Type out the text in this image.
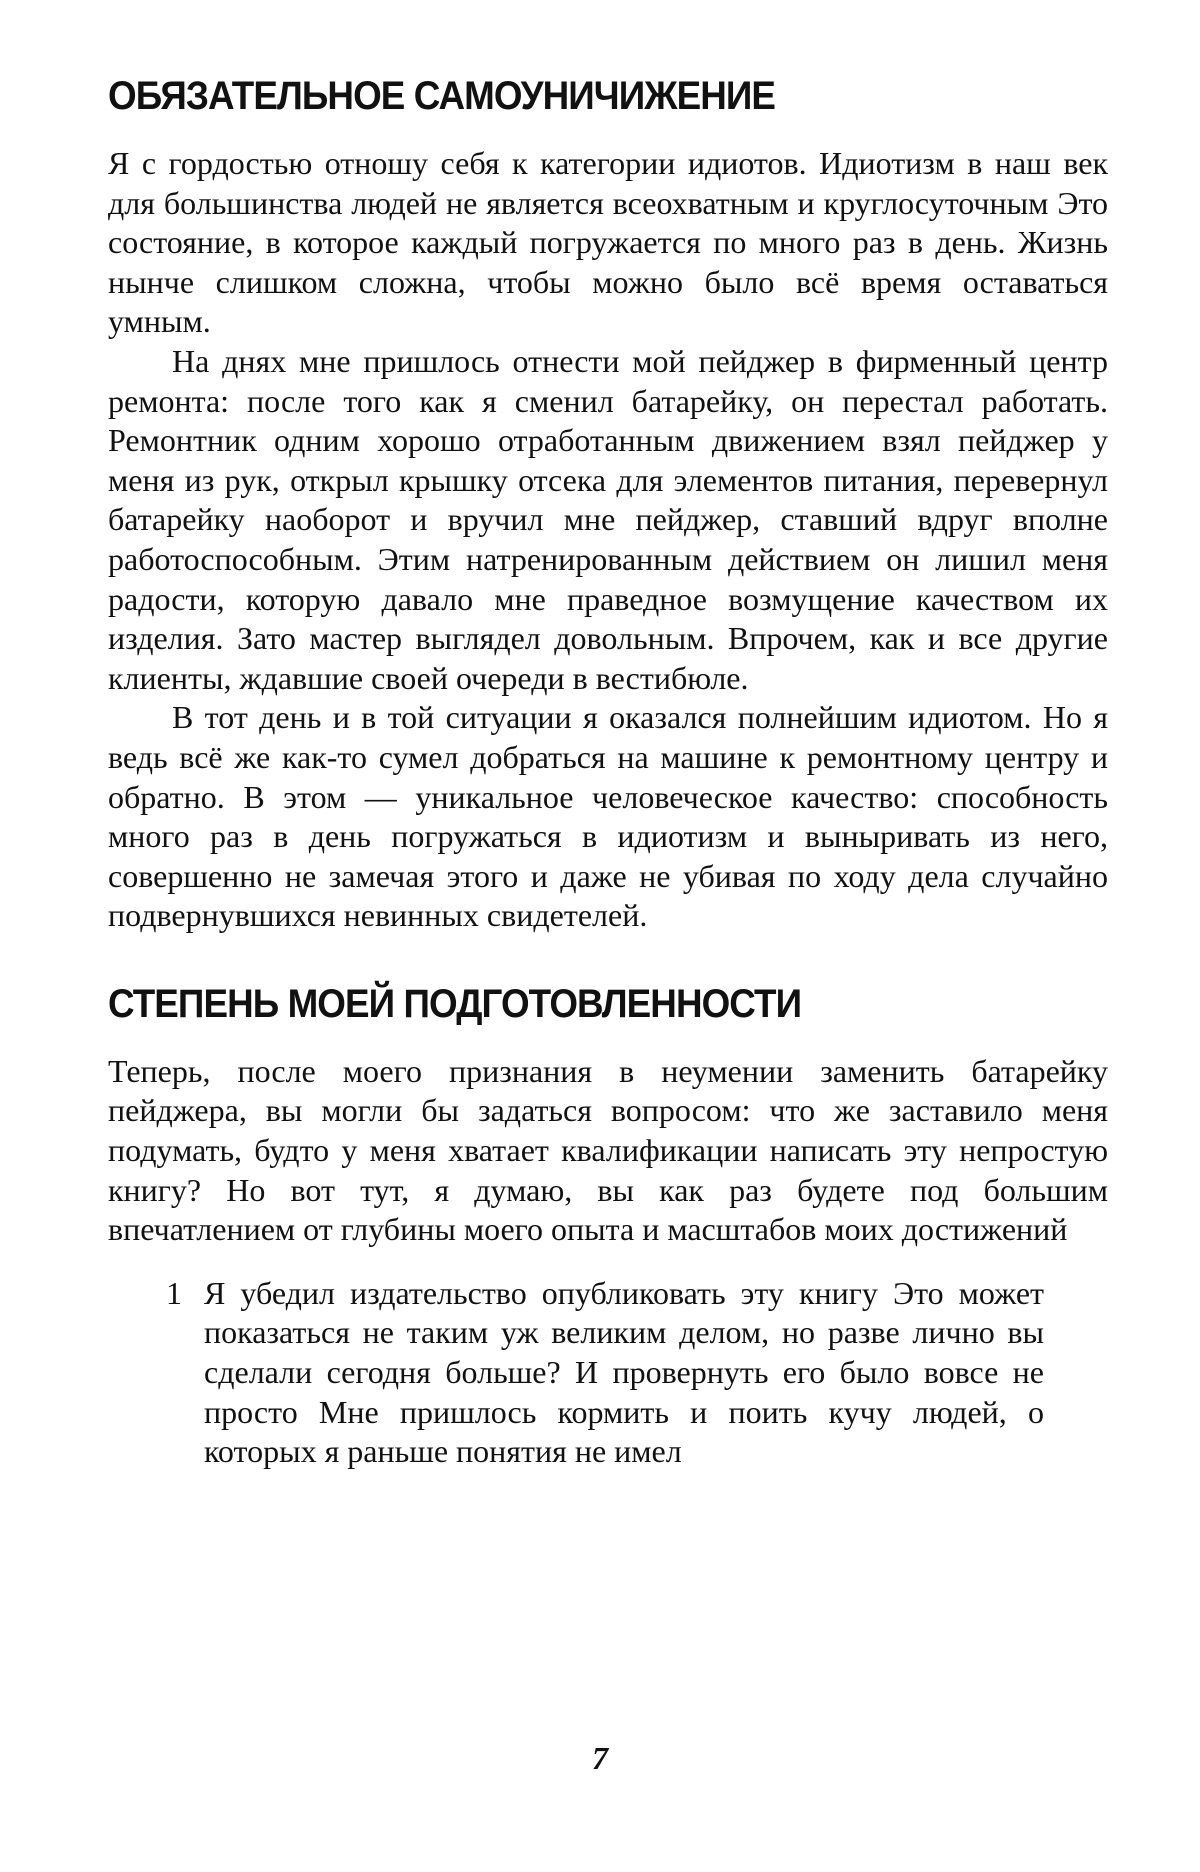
ОБЯЗАТЕЛЬНОЕ САМОУНИЧИЖЕНИЕ

Я с гордостью отношу себя к категории идиотов. Идиотизм в наш век для большинства людей не является всеохватным и круглосуточным Это состояние, в которое каждый погружается по много раз в день. Жизнь нынче слишком сложна, чтобы можно было всё время оставаться умным.

На днях мне пришлось отнести мой пейджер в фирменный центр ремонта: после того как я сменил батарейку, он перестал работать. Ремонтник одним хорошо отработанным движением взял пейджер у меня из рук, открыл крышку отсека для элементов питания, перевернул батарейку наоборот и вручил мне пейджер, ставший вдруг вполне работоспособным. Этим натренированным действием он лишил меня радости, которую давало мне праведное возмущение качеством их изделия. Зато мастер выглядел довольным. Впрочем, как и все другие клиенты, ждавшие своей очереди в вестибюле.

В тот день и в той ситуации я оказался полнейшим идиотом. Но я ведь всё же как-то сумел добраться на машине к ремонтному центру и обратно. В этом — уникальное человеческое качество: способность много раз в день погружаться в идиотизм и выныривать из него, совершенно не замечая этого и даже не убивая по ходу дела случайно подвернувшихся невинных свидетелей.

СТЕПЕНЬ МОЕЙ ПОДГОТОВЛЕННОСТИ

Теперь, после моего признания в неумении заменить батарейку пейджера, вы могли бы задаться вопросом: что же заставило меня подумать, будто у меня хватает квалификации написать эту непростую книгу? Но вот тут, я думаю, вы как раз будете под большим впечатлением от глубины моего опыта и масштабов моих достижений

1 Я убедил издательство опубликовать эту книгу Это может показаться не таким уж великим делом, но разве лично вы сделали сегодня больше? И провернуть его было вовсе не просто Мне пришлось кормить и поить кучу людей, о которых я раньше понятия не имел
7
